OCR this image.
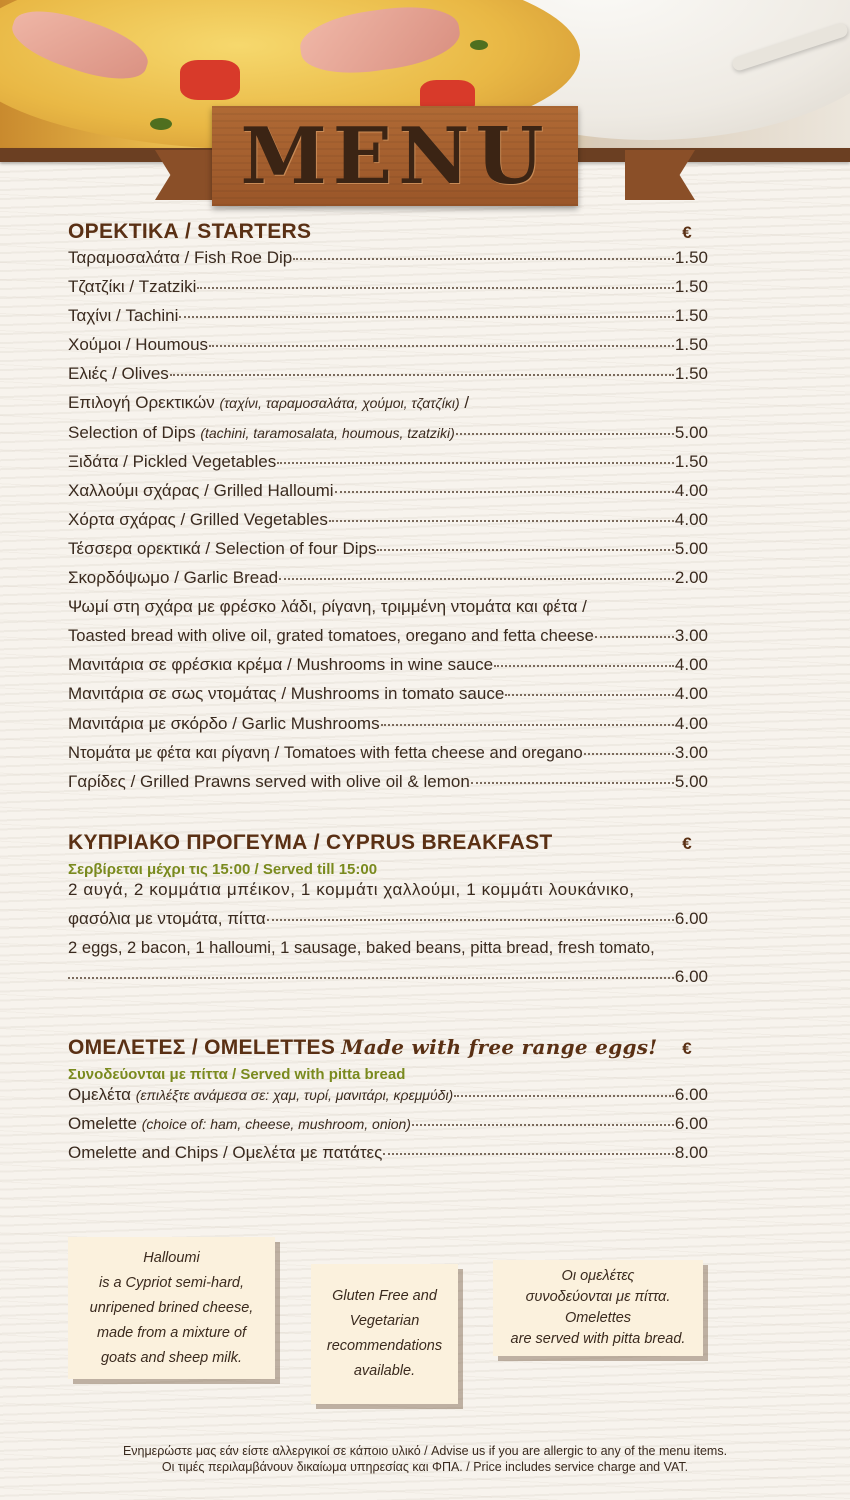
MENU
ΟΡΕΚΤΙΚΑ / STARTERS	€
Ταραμοσαλάτα / Fish Roe Dip	1.50
Τζατζίκι / Tzatziki	1.50
Ταχίνι / Tachini	1.50
Χούμοι / Houmous	1.50
Ελιές / Olives	1.50
Επιλογή Ορεκτικών (ταχίνι, ταραμοσαλάτα, χούμοι, τζατζίκι) /
Selection of Dips (tachini, taramosalata, houmous, tzatziki)	5.00
Ξιδάτα / Pickled Vegetables	1.50
Χαλλούμι σχάρας / Grilled Halloumi	4.00
Χόρτα σχάρας / Grilled Vegetables	4.00
Τέσσερα ορεκτικά / Selection of four Dips	5.00
Σκορδόψωμο / Garlic Bread	2.00
Ψωμί στη σχάρα με φρέσκο λάδι, ρίγανη, τριμμένη ντομάτα και φέτα /
Toasted bread with olive oil, grated tomatoes, oregano and fetta cheese	3.00
Μανιτάρια σε φρέσκια κρέμα / Mushrooms in wine sauce	4.00
Μανιτάρια σε σως ντομάτας / Mushrooms in tomato sauce	4.00
Μανιτάρια με σκόρδο / Garlic Mushrooms	4.00
Ντομάτα με φέτα και ρίγανη / Tomatoes with fetta cheese and oregano	3.00
Γαρίδες / Grilled Prawns served with olive oil & lemon	5.00
ΚΥΠΡΙΑΚΟ ΠΡΟΓΕΥΜΑ / CYPRUS BREAKFAST	€
Σερβίρεται μέχρι τις 15:00 / Served till 15:00
2 αυγά, 2 κομμάτια μπέικον, 1 κομμάτι χαλλούμι, 1 κομμάτι λουκάνικο,
φασόλια με ντομάτα, πίττα	6.00
2 eggs, 2 bacon, 1 halloumi, 1 sausage, baked beans, pitta bread, fresh tomato,
6.00
ΟΜΕΛΕΤΕΣ / OMELETTES Made with free range eggs! €
Συνοδεύονται με πίττα / Served with pitta bread
Ομελέτα (επιλέξτε ανάμεσα σε: χαμ, τυρί, μανιτάρι, κρεμμύδι)	6.00
Omelette (choice of: ham, cheese, mushroom, onion)	6.00
Omelette and Chips / Ομελέτα με πατάτες	8.00
Halloumi
is a Cypriot semi-hard,
unripened brined cheese,
made from a mixture of
goats and sheep milk.
Gluten Free and
Vegetarian
recommendations
available.
Οι ομελέτες
συνοδεύονται με πίττα.
Omelettes
are served with pitta bread.
Ενημερώστε μας εάν είστε αλλεργικοί σε κάποιο υλικό / Advise us if you are allergic to any of the menu items.
Οι τιμές περιλαμβάνουν δικαίωμα υπηρεσίας και ΦΠΑ. / Price includes service charge and VAT.
